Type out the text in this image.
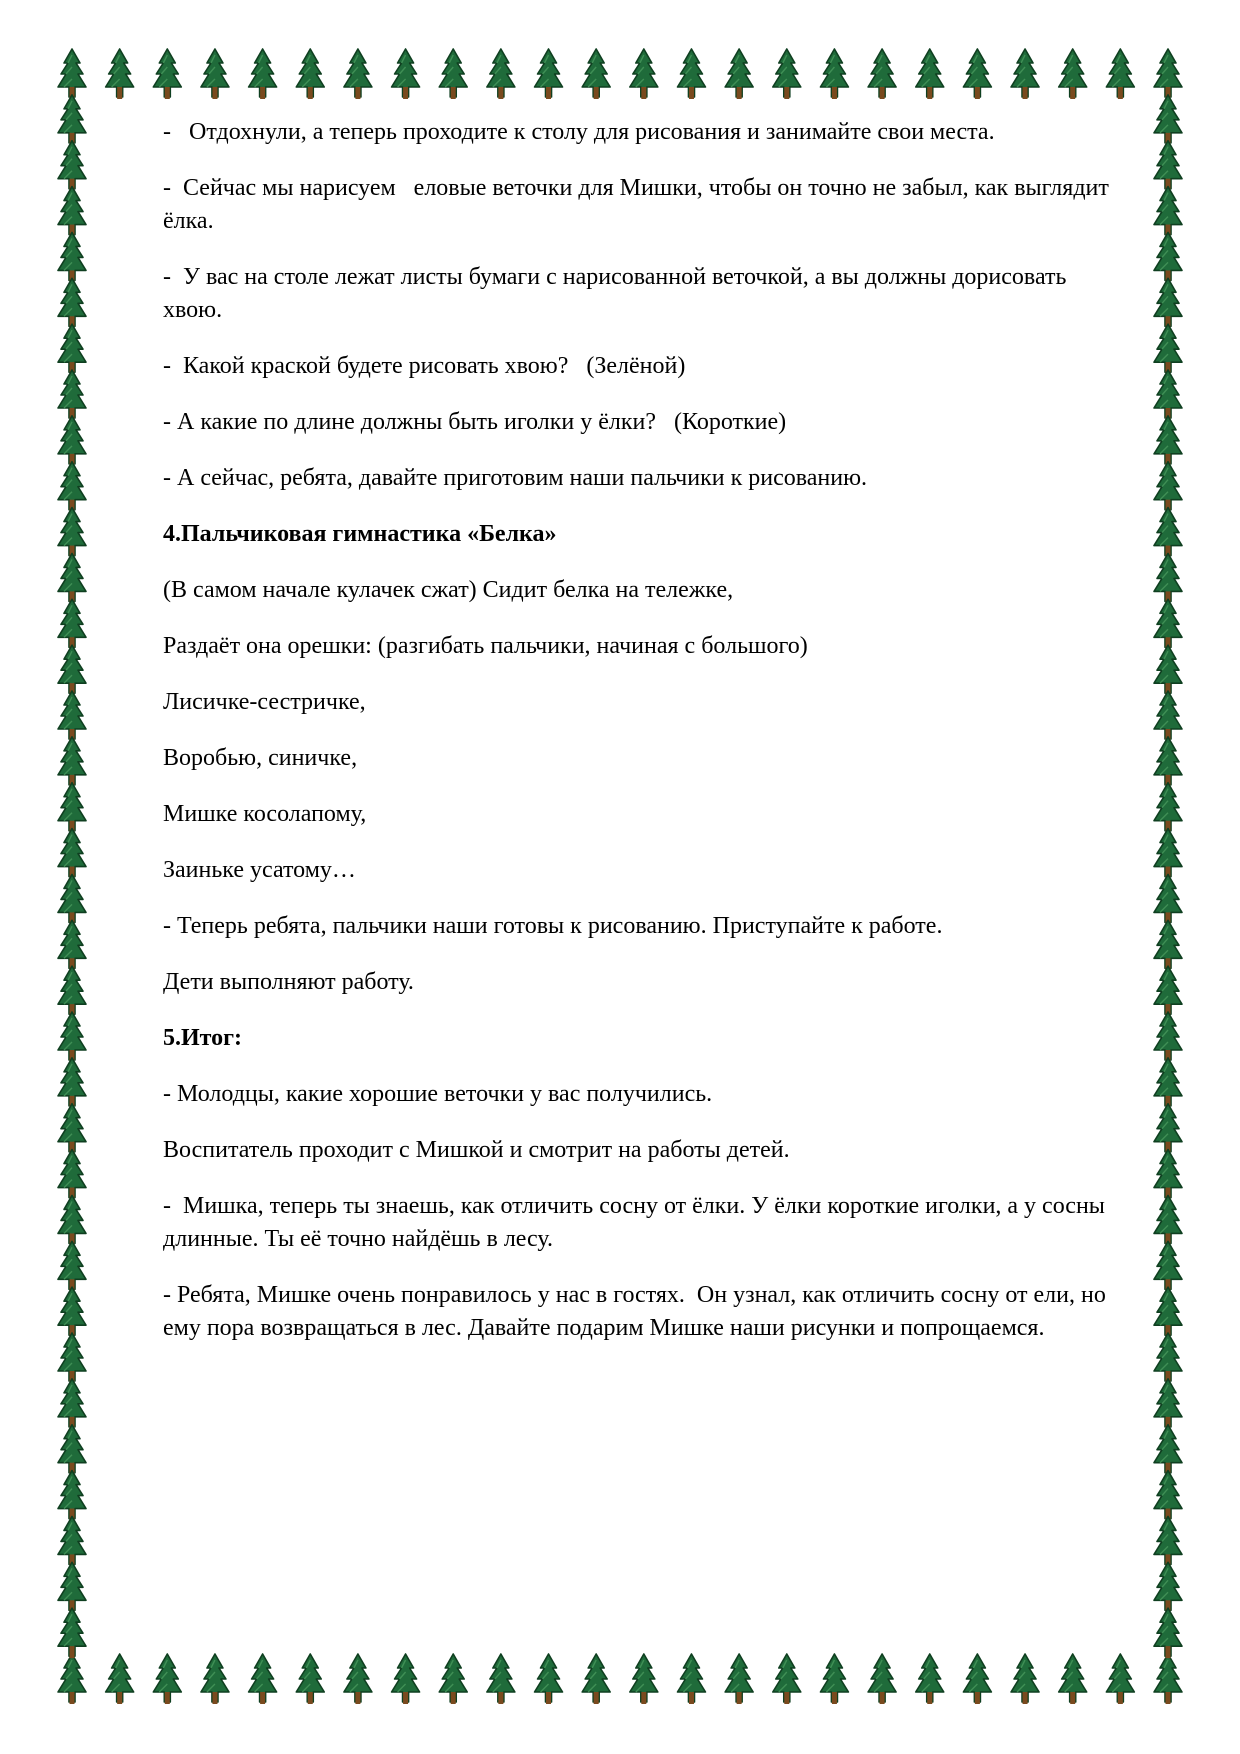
-   Отдохнули, а теперь проходите к столу для рисования и занимайте свои места.

-  Сейчас мы нарисуем   еловые веточки для Мишки, чтобы он точно не забыл, как выглядит ёлка.

-  У вас на столе лежат листы бумаги с нарисованной веточкой, а вы должны дорисовать хвою.

-  Какой краской будете рисовать хвою?   (Зелёной)

- А какие по длине должны быть иголки у ёлки?   (Короткие)

- А сейчас, ребята, давайте приготовим наши пальчики к рисованию.

4.Пальчиковая гимнастика «Белка»

(В самом начале кулачек сжат) Сидит белка на тележке,

Раздаёт она орешки: (разгибать пальчики, начиная с большого)

Лисичке-сестричке,

Воробью, синичке,

Мишке косолапому,

Заиньке усатому…

- Теперь ребята, пальчики наши готовы к рисованию. Приступайте к работе.

Дети выполняют работу.

5.Итог:

- Молодцы, какие хорошие веточки у вас получились.

Воспитатель проходит с Мишкой и смотрит на работы детей.

-  Мишка, теперь ты знаешь, как отличить сосну от ёлки. У ёлки короткие иголки, а у сосны длинные. Ты её точно найдёшь в лесу.

- Ребята, Мишке очень понравилось у нас в гостях.  Он узнал, как отличить сосну от ели, но ему пора возвращаться в лес. Давайте подарим Мишке наши рисунки и попрощаемся.
